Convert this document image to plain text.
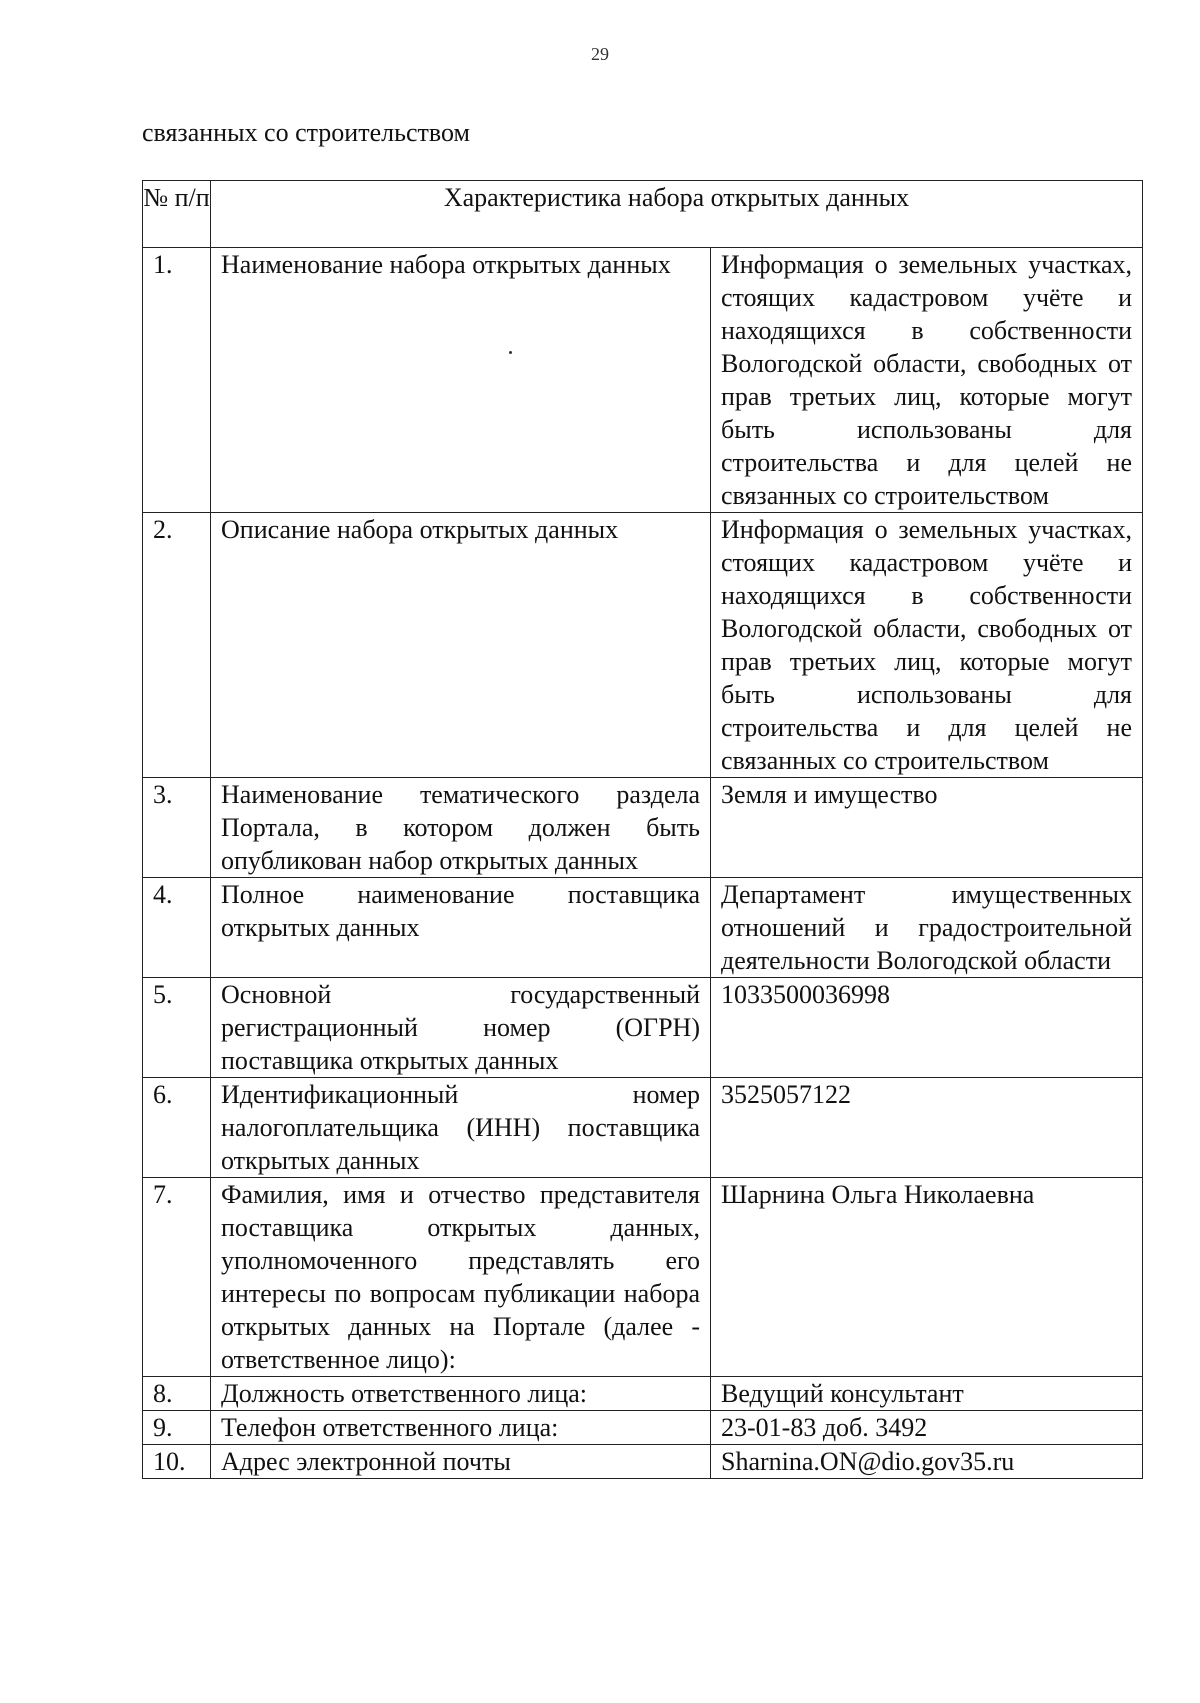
29
связанных со строительством
№ п/п	Характеристика набора открытых данных	
1.	Наименование набора открытых данных	Информация о земельных участках, стоящих кадастровом учёте и находящихся в собственности Вологодской области, свободных от прав третьих лиц, которые могут быть использованы для строительства и для целей не связанных со строительством
2.	Описание набора открытых данных	Информация о земельных участках, стоящих кадастровом учёте и находящихся в собственности Вологодской области, свободных от прав третьих лиц, которые могут быть использованы для строительства и для целей не связанных со строительством
3.	Наименование тематического раздела Портала, в котором должен быть опубликован набор открытых данных	Земля и имущество
4.	Полное наименование поставщика открытых данных	Департамент имущественных отношений и градостроительной деятельности Вологодской области
5.	Основной государственный регистрационный номер (ОГРН) поставщика открытых данных	1033500036998
6.	Идентификационный номер налогоплательщика (ИНН) поставщика открытых данных	3525057122
7.	Фамилия, имя и отчество представителя поставщика открытых данных, уполномоченного представлять его интересы по вопросам публикации набора открытых данных на Портале (далее - ответственное лицо):	Шарнина Ольга Николаевна
8.	Должность ответственного лица:	Ведущий консультант
9.	Телефон ответственного лица:	23-01-83 доб. 3492
10.	Адрес электронной почты	Sharnina.ON@dio.gov35.ru
